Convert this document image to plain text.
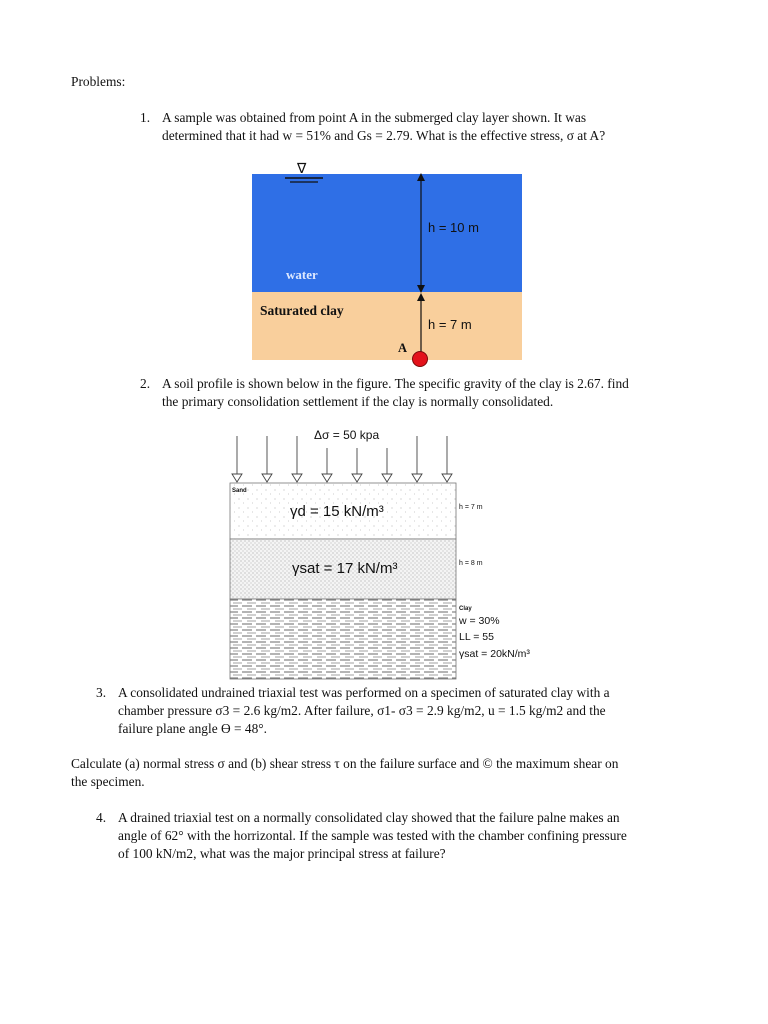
Problems:
1. A sample was obtained from point A in the submerged clay layer shown. It was
determined that it had w = 51% and Gs = 2.79. What is the effective stress, σ at A?
∇
water
Saturated clay
h = 10 m
h = 7 m
A
2. A soil profile is shown below in the figure. The specific gravity of the clay is 2.67. find
the primary consolidation settlement if the clay is normally consolidated.
Δσ = 50 kpa
Sand
γd = 15 kN/m³	h = 7 m
γsat = 17 kN/m³	h = 8 m
Clay
w = 30%
LL = 55
γsat = 20kN/m³
3. A consolidated undrained triaxial test was performed on a specimen of saturated clay with a
chamber pressure σ3 = 2.6 kg/m2. After failure, σ1- σ3 = 2.9 kg/m2, u = 1.5 kg/m2 and the
failure plane angle ϴ = 48°.
Calculate (a) normal stress σ and (b) shear stress τ on the failure surface and © the maximum shear on
the specimen.
4. A drained triaxial test on a normally consolidated clay showed that the failure palne makes an
angle of 62° with the horrizontal. If the sample was tested with the chamber confining pressure
of 100 kN/m2, what was the major principal stress at failure?
